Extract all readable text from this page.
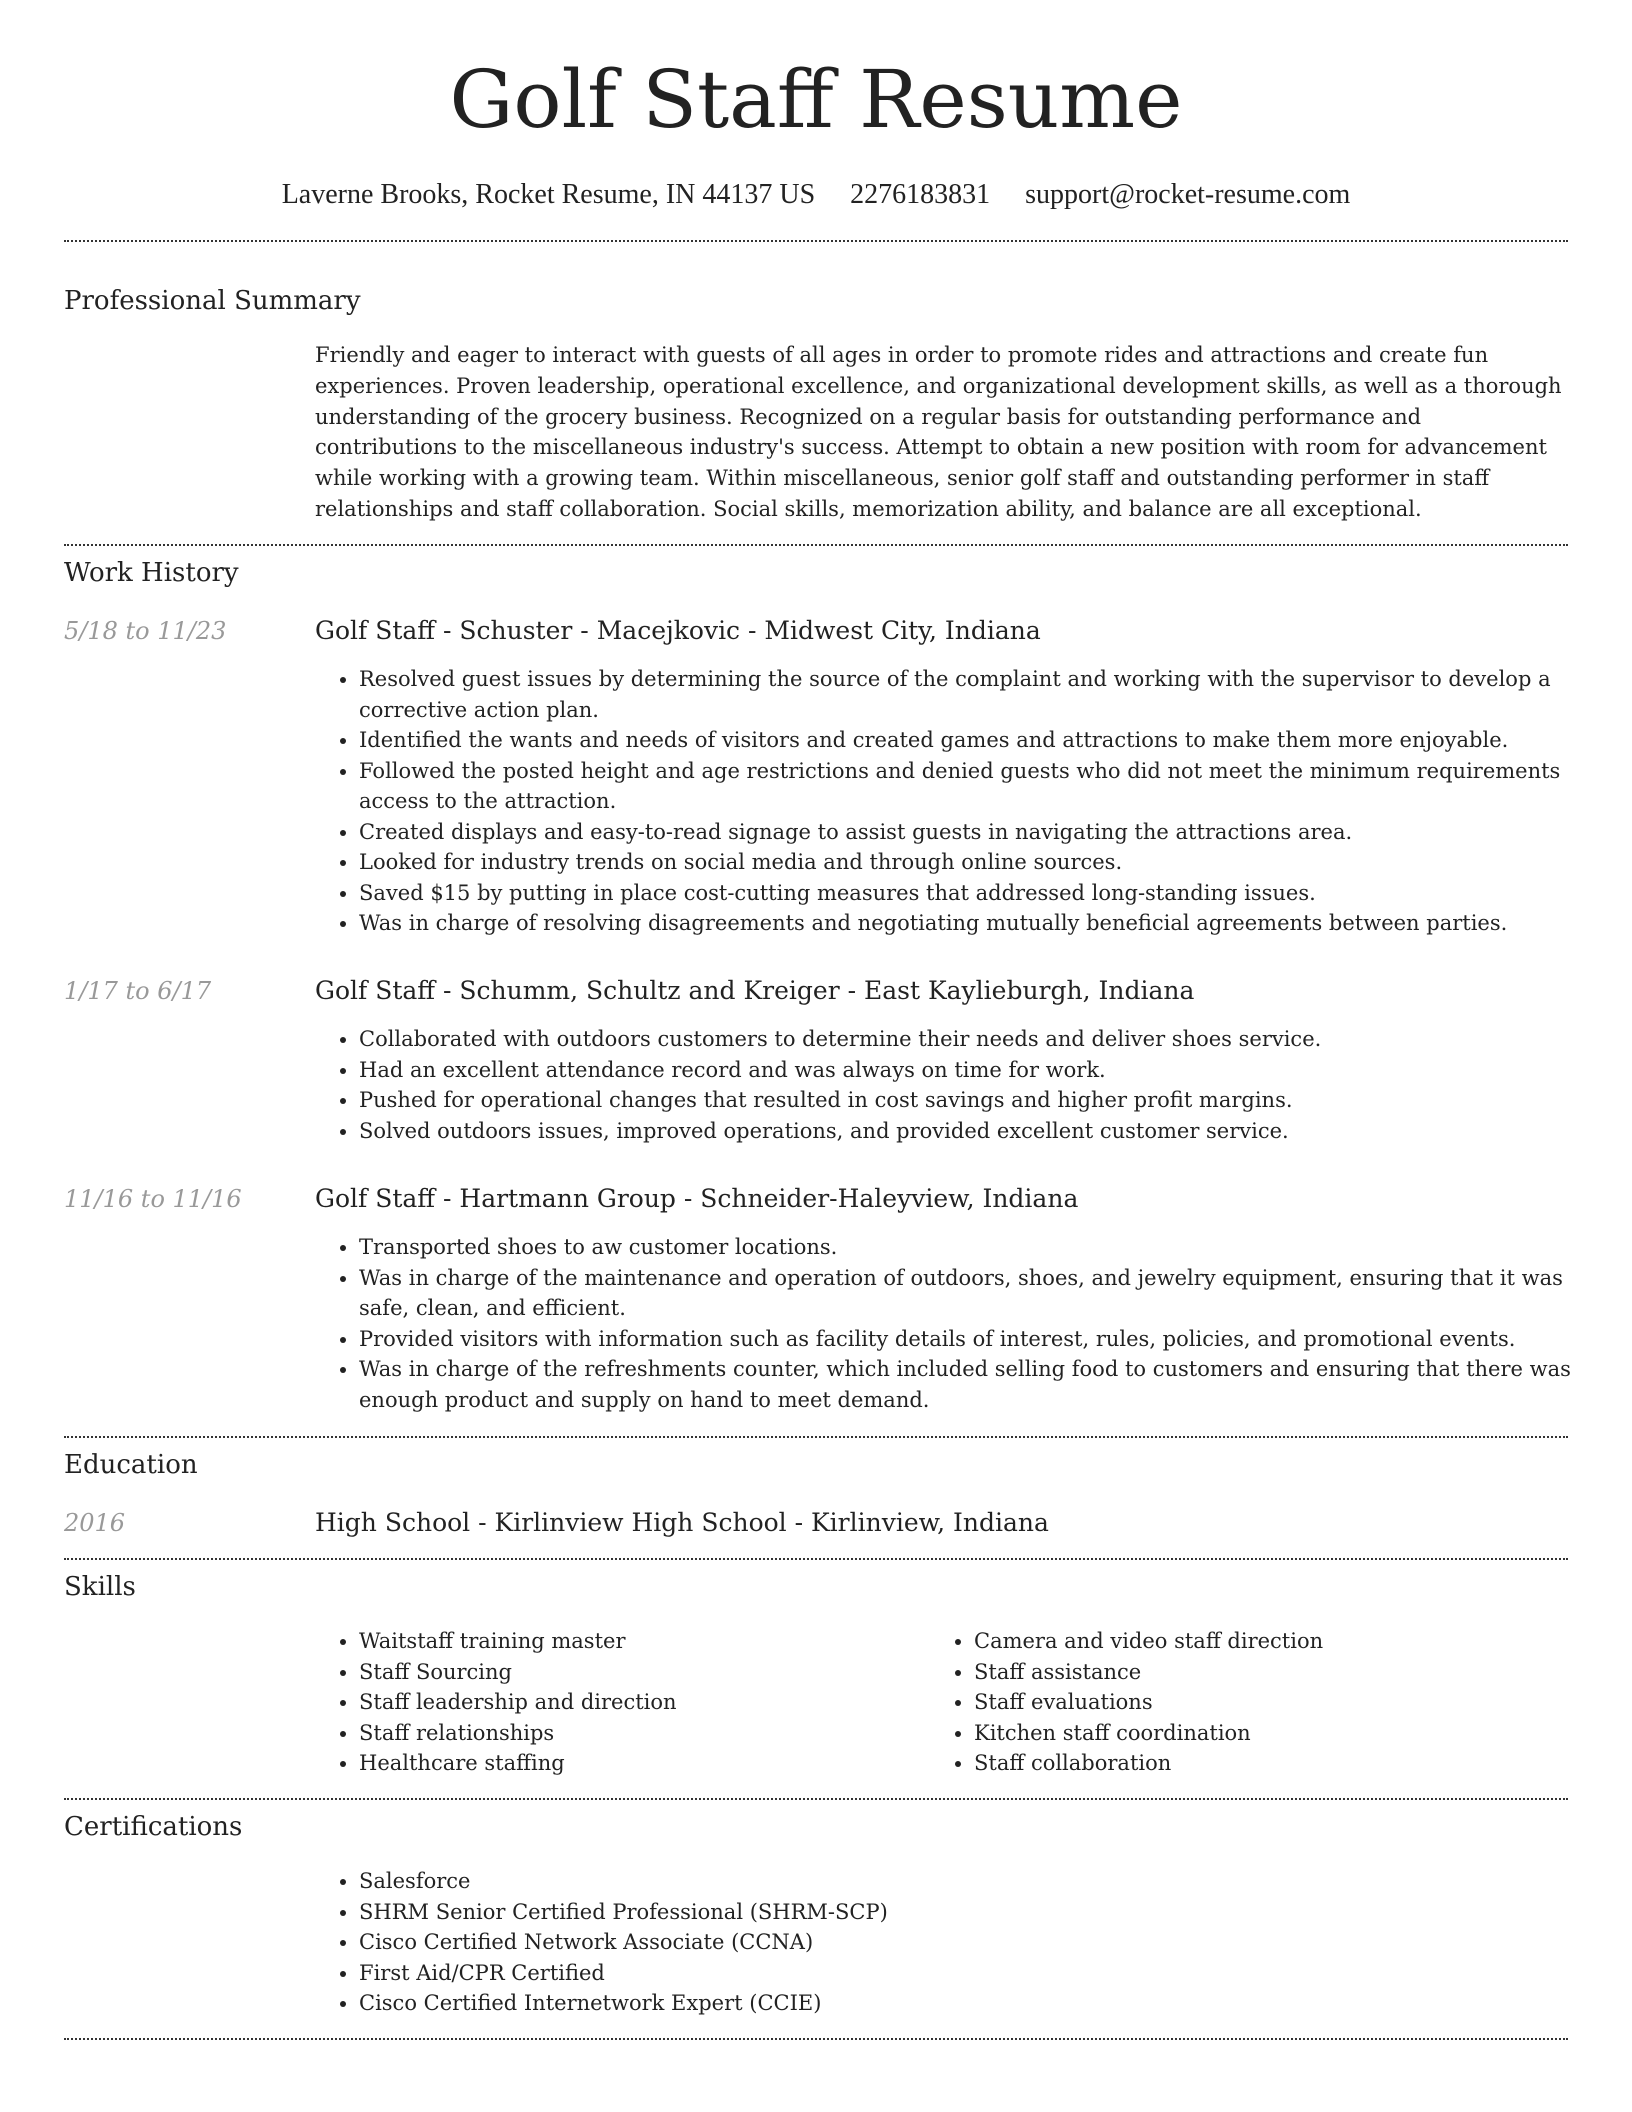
Golf Staff Resume
Laverne Brooks, Rocket Resume, IN 44137 US 2276183831 support@rocket-resume.com
Professional Summary

Friendly and eager to interact with guests of all ages in order to promote rides and attractions and create fun experiences. Proven leadership, operational excellence, and organizational development skills, as well as a thorough understanding of the grocery business. Recognized on a regular basis for outstanding performance and contributions to the miscellaneous industry's success. Attempt to obtain a new position with room for advancement while working with a growing team. Within miscellaneous, senior golf staff and outstanding performer in staff relationships and staff collaboration. Social skills, memorization ability, and balance are all exceptional.

Work History
5/18 to 11/23	Golf Staff - Schuster - Macejkovic - Midwest City, Indiana
• Resolved guest issues by determining the source of the complaint and working with the supervisor to develop a corrective action plan.
• Identified the wants and needs of visitors and created games and attractions to make them more enjoyable.
• Followed the posted height and age restrictions and denied guests who did not meet the minimum requirements access to the attraction.
• Created displays and easy-to-read signage to assist guests in navigating the attractions area.
• Looked for industry trends on social media and through online sources.
• Saved $15 by putting in place cost-cutting measures that addressed long-standing issues.
• Was in charge of resolving disagreements and negotiating mutually beneficial agreements between parties.
1/17 to 6/17	Golf Staff - Schumm, Schultz and Kreiger - East Kaylieburgh, Indiana
• Collaborated with outdoors customers to determine their needs and deliver shoes service.
• Had an excellent attendance record and was always on time for work.
• Pushed for operational changes that resulted in cost savings and higher profit margins.
• Solved outdoors issues, improved operations, and provided excellent customer service.
11/16 to 11/16	Golf Staff - Hartmann Group - Schneider-Haleyview, Indiana
• Transported shoes to aw customer locations.
• Was in charge of the maintenance and operation of outdoors, shoes, and jewelry equipment, ensuring that it was safe, clean, and efficient.
• Provided visitors with information such as facility details of interest, rules, policies, and promotional events.
• Was in charge of the refreshments counter, which included selling food to customers and ensuring that there was enough product and supply on hand to meet demand.
Education
2016	High School - Kirlinview High School - Kirlinview, Indiana
Skills
• Waitstaff training master
• Staff Sourcing
• Staff leadership and direction
• Staff relationships
• Healthcare staffing
• Camera and video staff direction
• Staff assistance
• Staff evaluations
• Kitchen staff coordination
• Staff collaboration
Certifications
• Salesforce
• SHRM Senior Certified Professional (SHRM-SCP)
• Cisco Certified Network Associate (CCNA)
• First Aid/CPR Certified
• Cisco Certified Internetwork Expert (CCIE)
